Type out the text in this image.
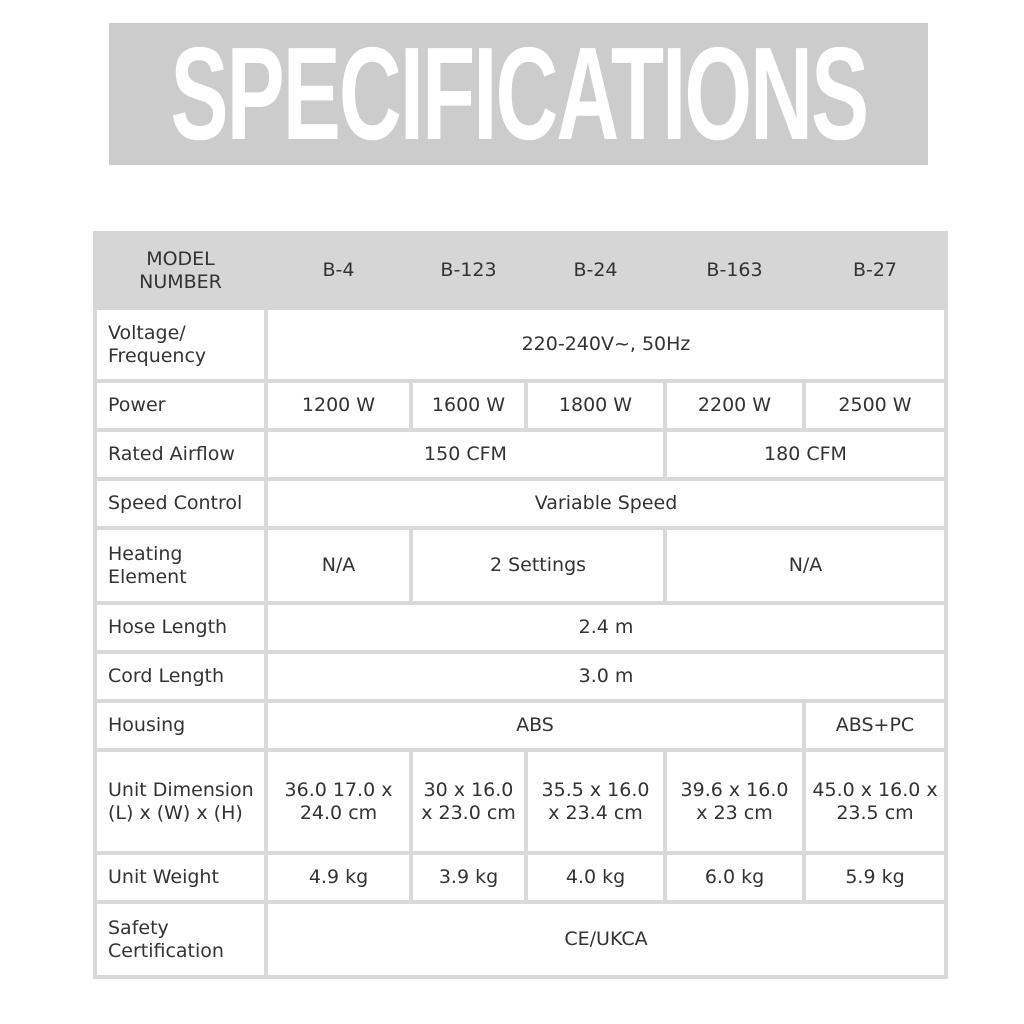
SPECIFICATIONS
MODEL NUMBER	B-4	B-123	B-24	B-163	B-27
Voltage/ Frequency	220-240V~, 50Hz				
Power	1200 W	1600 W	1800 W	2200 W	2500 W
Rated Airflow	150 CFM			180 CFM	
Speed Control	Variable Speed				
Heating Element	N/A	2 Settings		N/A	
Hose Length	2.4 m				
Cord Length	3.0 m				
Housing	ABS				ABS+PC
Unit Dimension (L) x (W) x (H)	36.0 17.0 x 24.0 cm	30 x 16.0 x 23.0 cm	35.5 x 16.0 x 23.4 cm	39.6 x 16.0 x 23 cm	45.0 x 16.0 x 23.5 cm
Unit Weight	4.9 kg	3.9 kg	4.0 kg	6.0 kg	5.9 kg
Safety Certification	CE/UKCA				
